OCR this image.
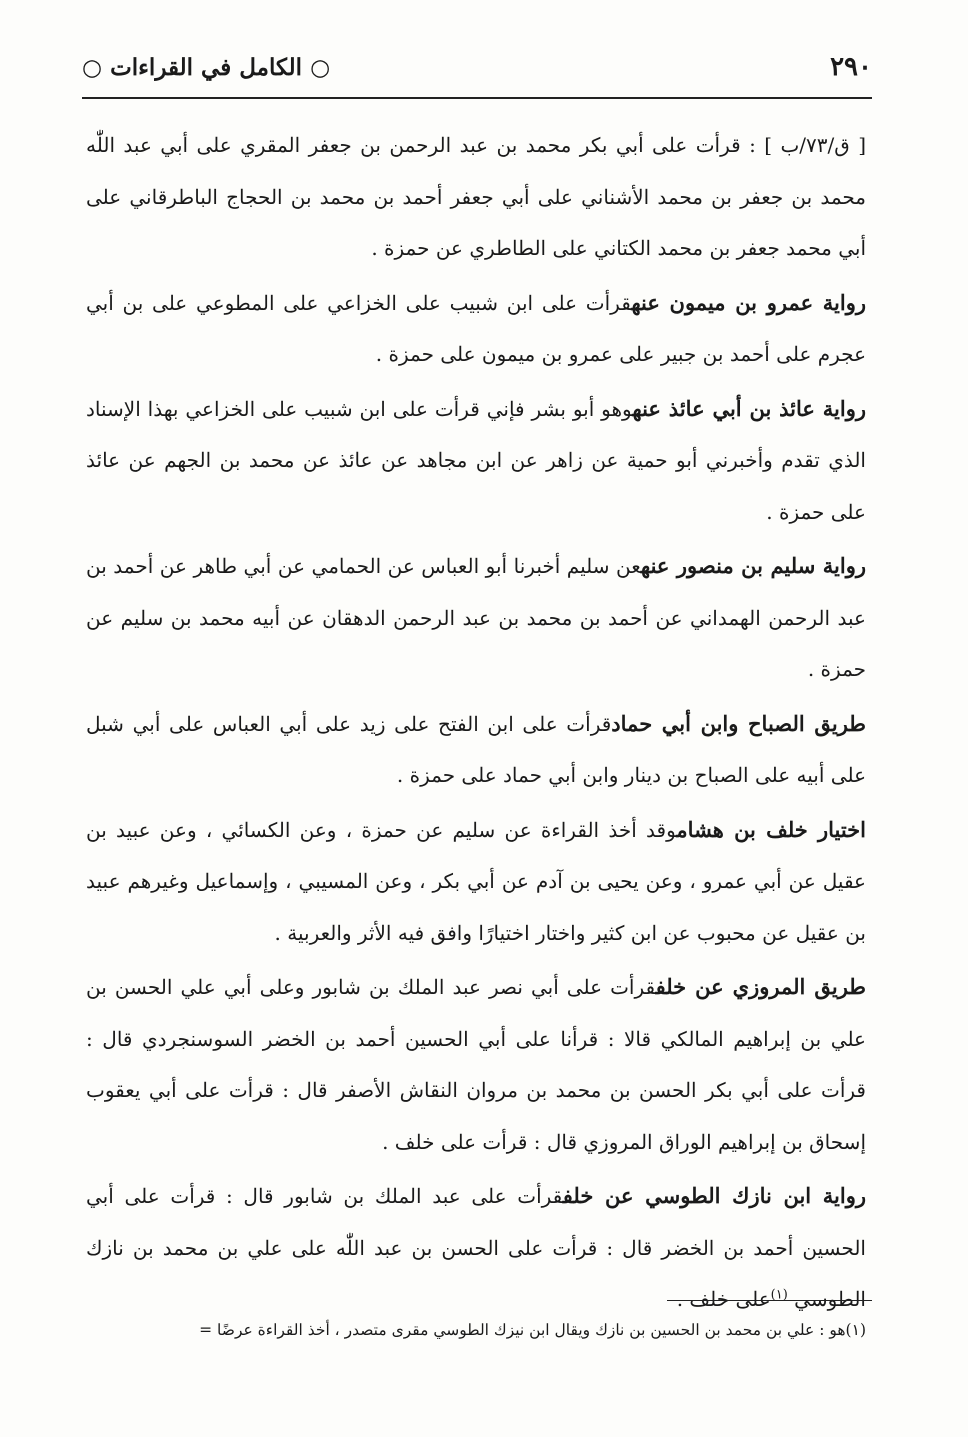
○ الكامل في القراءات ○	٢٩٠

[ ق/٧٣/ب ] : قرأت على أبي بكر محمد بن عبد الرحمن بن جعفر المقري على أبي عبد اللّٰه محمد بن جعفر بن محمد الأشناني على أبي جعفر أحمد بن محمد بن الحجاج الباطرقاني على أبي محمد جعفر بن محمد الكتاني على الطاطري عن حمزة .

رواية عمرو بن ميمون عنهقرأت على ابن شبيب على الخزاعي على المطوعي على بن أبي عجرم على أحمد بن جبير على عمرو بن ميمون على حمزة .

رواية عائذ بن أبي عائذ عنهوهو أبو بشر فإني قرأت على ابن شبيب على الخزاعي بهذا الإسناد الذي تقدم وأخبرني أبو حمية عن زاهر عن ابن مجاهد عن عائذ عن محمد بن الجهم عن عائذ على حمزة .

رواية سليم بن منصور عنهعن سليم أخبرنا أبو العباس عن الحمامي عن أبي طاهر عن أحمد بن عبد الرحمن الهمداني عن أحمد بن محمد بن عبد الرحمن الدهقان عن أبيه محمد بن سليم عن حمزة .

طريق الصباح وابن أبي حمادقرأت على ابن الفتح على زيد على أبي العباس على أبي شبل على أبيه على الصباح بن دينار وابن أبي حماد على حمزة .

اختيار خلف بن هشاموقد أخذ القراءة عن سليم عن حمزة ، وعن الكسائي ، وعن عبيد بن عقيل عن أبي عمرو ، وعن يحيى بن آدم عن أبي بكر ، وعن المسيبي ، وإسماعيل وغيرهم عبيد بن عقيل عن محبوب عن ابن كثير واختار اختيارًا وافق فيه الأثر والعربية .

طريق المروزي عن خلفقرأت على أبي نصر عبد الملك بن شابور وعلى أبي علي الحسن بن علي بن إبراهيم المالكي قالا : قرأنا على أبي الحسين أحمد بن الخضر السوسنجردي قال : قرأت على أبي بكر الحسن بن محمد بن مروان النقاش الأصفر قال : قرأت على أبي يعقوب إسحاق بن إبراهيم الوراق المروزي قال : قرأت على خلف .

رواية ابن نازك الطوسي عن خلفقرأت على عبد الملك بن شابور قال : قرأت على أبي الحسين أحمد بن الخضر قال : قرأت على الحسن بن عبد اللّٰه على علي بن محمد بن نازك الطوسي $^{(١)}$على خلف .

(١)هو : علي بن محمد بن الحسين بن نازك ويقال ابن نيزك الطوسي مقرى متصدر ، أخذ القراءة عرضًا =
